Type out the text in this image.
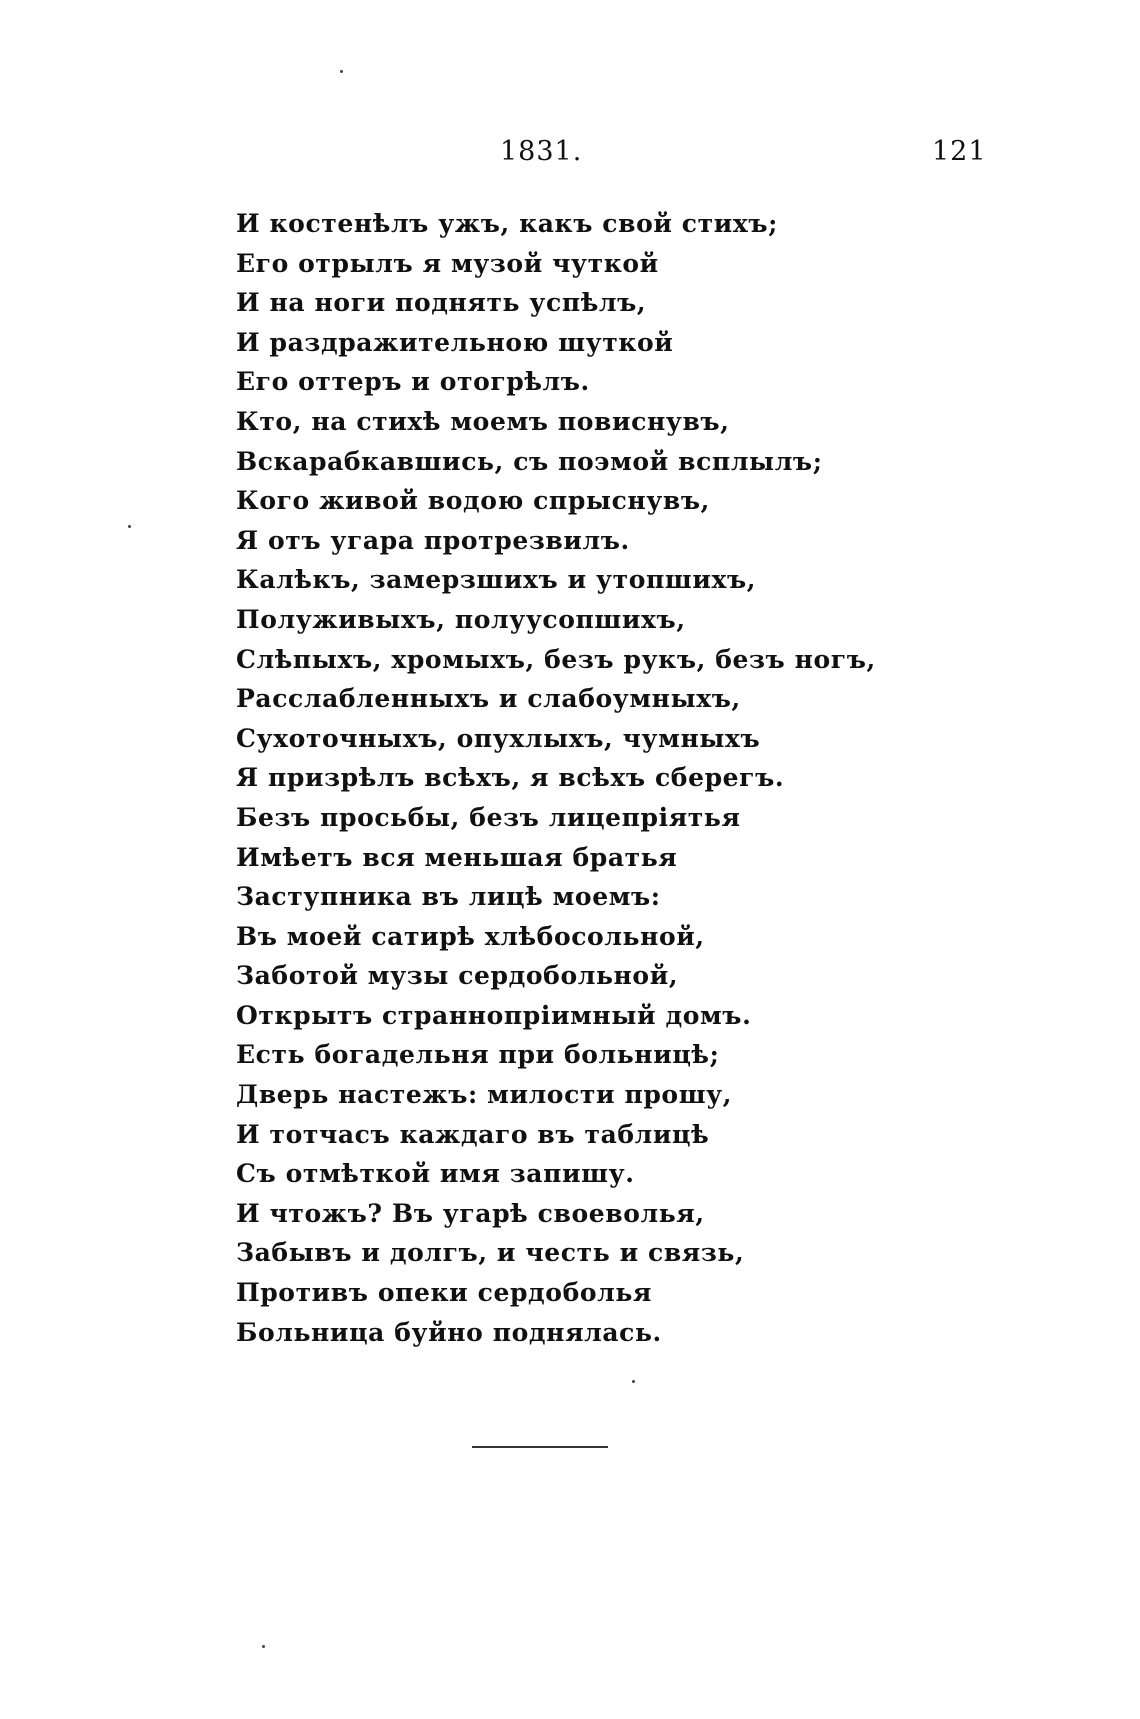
1831.	121
И костенѣлъ ужъ, какъ свой стихъ;
Его отрылъ я музой чуткой
И на ноги поднять успѣлъ,
И раздражительною шуткой
Его оттеръ и отогрѣлъ.
Кто, на стихѣ моемъ повиснувъ,
Вскарабкавшись, съ поэмой всплылъ;
Кого живой водою спрыснувъ,
Я отъ угара протрезвилъ.
Калѣкъ, замерзшихъ и утопшихъ,
Полуживыхъ, полуусопшихъ,
Слѣпыхъ, хромыхъ, безъ рукъ, безъ ногъ,
Расслабленныхъ и слабоумныхъ,
Сухоточныхъ, опухлыхъ, чумныхъ
Я призрѣлъ всѣхъ, я всѣхъ сберегъ.
Безъ просьбы, безъ лицепріятья
Имѣетъ вся меньшая братья
Заступника въ лицѣ моемъ:
Въ моей сатирѣ хлѣбосольной,
Заботой музы сердобольной,
Открытъ страннопріимный домъ.
Есть богадельня при больницѣ;
Дверь настежъ: милости прошу,
И тотчасъ каждаго въ таблицѣ
Съ отмѣткой имя запишу.
И чтожъ? Въ угарѣ своеволья,
Забывъ и долгъ, и честь и связь,
Противъ опеки сердоболья
Больница буйно поднялась.
